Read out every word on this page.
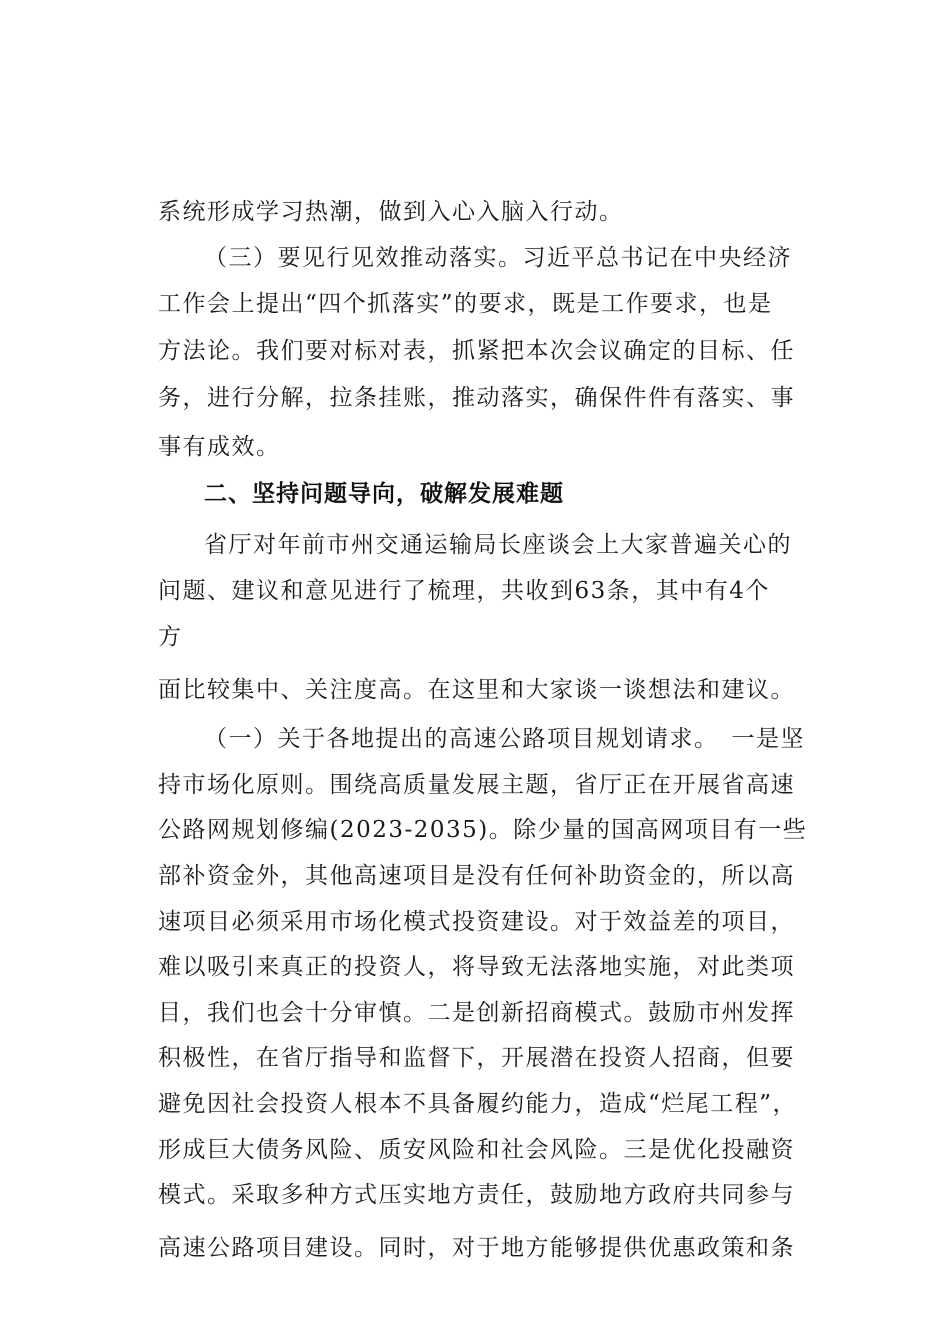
系统形成学习热潮，做到入心入脑入行动。

（三）要见行见效推动落实。习近平总书记在中央经济

工作会上提出“四个抓落实”的要求，既是工作要求，也是

方法论。我们要对标对表，抓紧把本次会议确定的目标、任

务，进行分解，拉条挂账，推动落实，确保件件有落实、事

事有成效。

二、坚持问题导向，破解发展难题

省厅对年前市州交通运输局长座谈会上大家普遍关心的

问题、建议和意见进行了梳理，共收到63条，其中有4个

方

面比较集中、关注度高。在这里和大家谈一谈想法和建议。

（一）关于各地提出的高速公路项目规划请求。　一是坚

持市场化原则。围绕高质量发展主题，省厅正在开展省高速

公路网规划修编(2023-2035)。除少量的国高网项目有一些

部补资金外，其他高速项目是没有任何补助资金的，所以高

速项目必须采用市场化模式投资建设。对于效益差的项目，

难以吸引来真正的投资人，将导致无法落地实施，对此类项

目，我们也会十分审慎。二是创新招商模式。鼓励市州发挥

积极性，在省厅指导和监督下，开展潜在投资人招商，但要

避免因社会投资人根本不具备履约能力，造成“烂尾工程”，

形成巨大债务风险、质安风险和社会风险。三是优化投融资

模式。采取多种方式压实地方责任，鼓励地方政府共同参与

高速公路项目建设。同时，对于地方能够提供优惠政策和条
